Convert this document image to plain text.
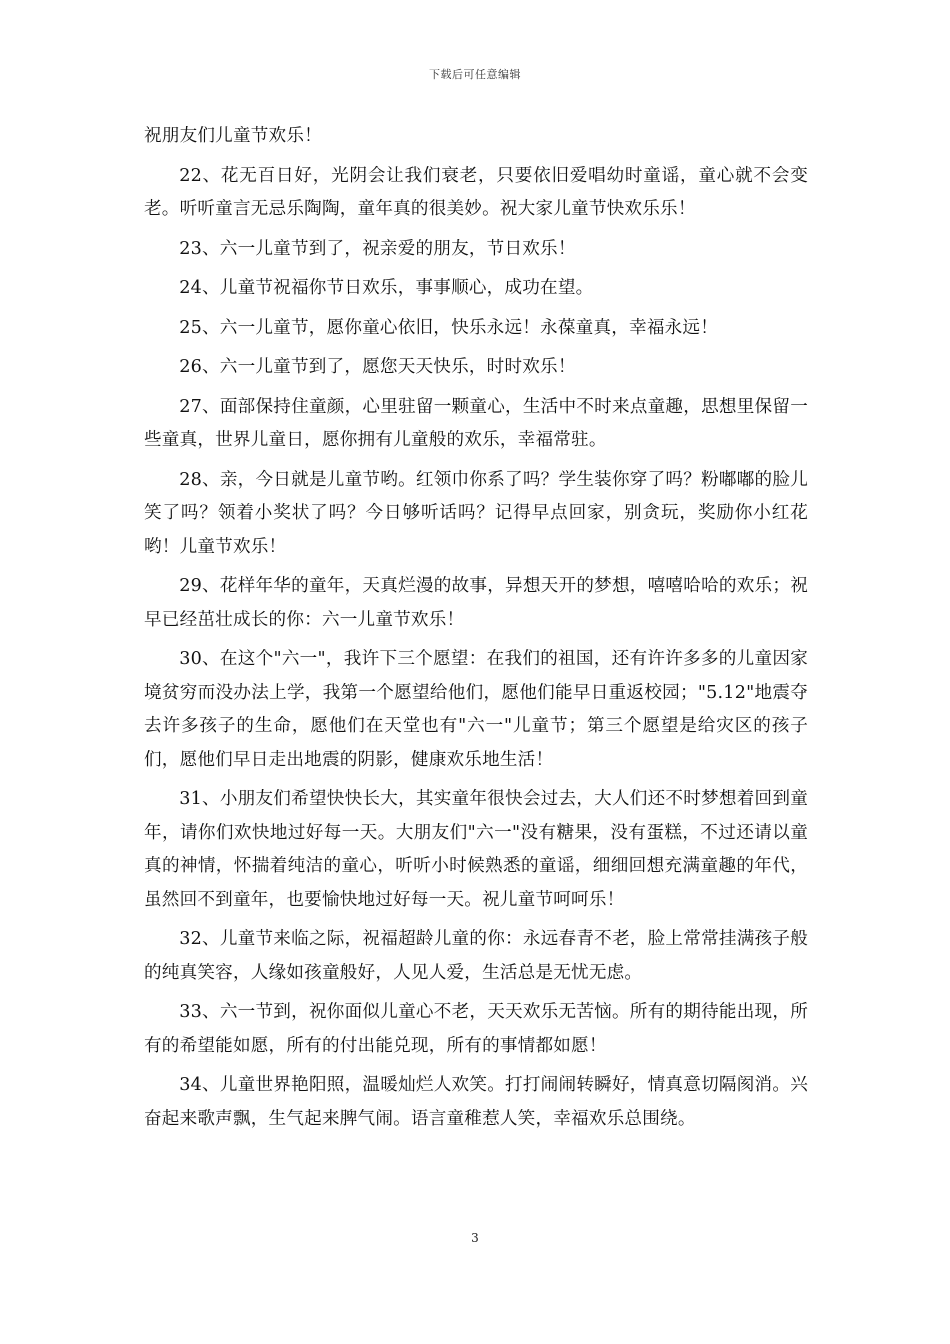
下载后可任意编辑

祝朋友们儿童节欢乐！

22、花无百日好，光阴会让我们衰老，只要依旧爱唱幼时童谣，童心就不会变老。听听童言无忌乐陶陶，童年真的很美妙。祝大家儿童节快欢乐乐！

23、六一儿童节到了，祝亲爱的朋友，节日欢乐！

24、儿童节祝福你节日欢乐，事事顺心，成功在望。

25、六一儿童节，愿你童心依旧，快乐永远！永葆童真，幸福永远！

26、六一儿童节到了，愿您天天快乐，时时欢乐！

27、面部保持住童颜，心里驻留一颗童心，生活中不时来点童趣，思想里保留一些童真，世界儿童日，愿你拥有儿童般的欢乐，幸福常驻。

28、亲，今日就是儿童节哟。红领巾你系了吗？学生装你穿了吗？粉嘟嘟的脸儿笑了吗？领着小奖状了吗？今日够听话吗？记得早点回家，别贪玩，奖励你小红花哟！儿童节欢乐！

29、花样年华的童年，天真烂漫的故事，异想天开的梦想，嘻嘻哈哈的欢乐；祝早已经茁壮成长的你：六一儿童节欢乐！

30、在这个"六一"，我许下三个愿望：在我们的祖国，还有许许多多的儿童因家境贫穷而没办法上学，我第一个愿望给他们，愿他们能早日重返校园；"5.12"地震夺去许多孩子的生命，愿他们在天堂也有"六一"儿童节；第三个愿望是给灾区的孩子们，愿他们早日走出地震的阴影，健康欢乐地生活！

31、小朋友们希望快快长大，其实童年很快会过去，大人们还不时梦想着回到童年，请你们欢快地过好每一天。大朋友们"六一"没有糖果，没有蛋糕，不过还请以童真的神情，怀揣着纯洁的童心，听听小时候熟悉的童谣，细细回想充满童趣的年代，虽然回不到童年，也要愉快地过好每一天。祝儿童节呵呵乐！

32、儿童节来临之际，祝福超龄儿童的你：永远春青不老，脸上常常挂满孩子般的纯真笑容，人缘如孩童般好，人见人爱，生活总是无忧无虑。

33、六一节到，祝你面似儿童心不老，天天欢乐无苦恼。所有的期待能出现，所有的希望能如愿，所有的付出能兑现，所有的事情都如愿！

34、儿童世界艳阳照，温暖灿烂人欢笑。打打闹闹转瞬好，情真意切隔阂消。兴奋起来歌声飘，生气起来脾气闹。语言童稚惹人笑，幸福欢乐总围绕。

3
